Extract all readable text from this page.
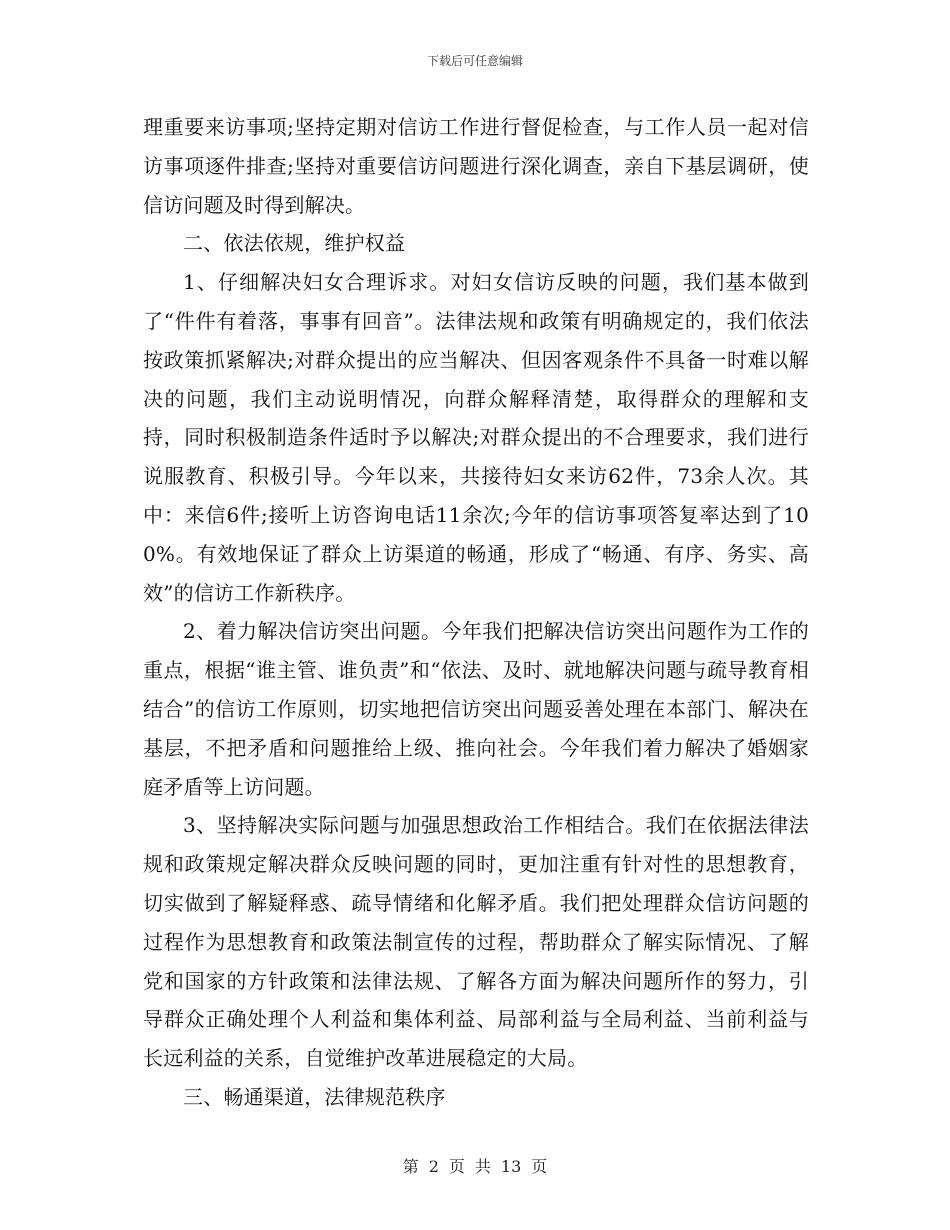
下载后可任意编辑

理重要来访事项;坚持定期对信访工作进行督促检查，与工作人员一起对信访事项逐件排查;坚持对重要信访问题进行深化调查，亲自下基层调研，使信访问题及时得到解决。

二、依法依规，维护权益

1、仔细解决妇女合理诉求。对妇女信访反映的问题，我们基本做到了“件件有着落，事事有回音”。法律法规和政策有明确规定的，我们依法按政策抓紧解决;对群众提出的应当解决、但因客观条件不具备一时难以解决的问题，我们主动说明情况，向群众解释清楚，取得群众的理解和支持，同时积极制造条件适时予以解决;对群众提出的不合理要求，我们进行说服教育、积极引导。今年以来，共接待妇女来访62件，73余人次。其中：来信6件;接听上访咨询电话11余次;今年的信访事项答复率达到了100%。有效地保证了群众上访渠道的畅通，形成了“畅通、有序、务实、高效”的信访工作新秩序。

2、着力解决信访突出问题。今年我们把解决信访突出问题作为工作的重点，根据“谁主管、谁负责”和“依法、及时、就地解决问题与疏导教育相结合”的信访工作原则，切实地把信访突出问题妥善处理在本部门、解决在基层，不把矛盾和问题推给上级、推向社会。今年我们着力解决了婚姻家庭矛盾等上访问题。

3、坚持解决实际问题与加强思想政治工作相结合。我们在依据法律法规和政策规定解决群众反映问题的同时，更加注重有针对性的思想教育，切实做到了解疑释惑、疏导情绪和化解矛盾。我们把处理群众信访问题的过程作为思想教育和政策法制宣传的过程，帮助群众了解实际情况、了解党和国家的方针政策和法律法规、了解各方面为解决问题所作的努力，引导群众正确处理个人利益和集体利益、局部利益与全局利益、当前利益与长远利益的关系，自觉维护改革进展稳定的大局。

三、畅通渠道，法律规范秩序

第 2 页 共 13 页
